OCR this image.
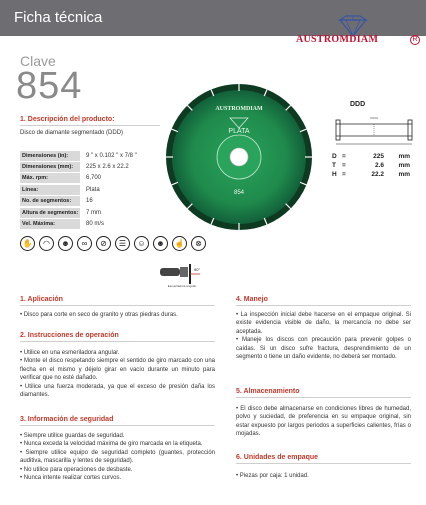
Ficha técnica
AUSTROMDIAM	R
Clave
854
1. Descripción del producto:
Disco de diamante segmentado (DDD)
Dimensiones (in):	9 " x 0.102 " x 7/8 "
Dimensiones (mm):	225 x 2.6 x 22.2
Máx. rpm:	6,700
Línea:	Plata
No. de segmentos:	16
Altura de segmentos:	7 mm
Vel. Máxima:	80 m/s
✋	◠	☻	∞	⊘	☰	☺	☻	☝	⊗
90°
Esmeriladora angular
AUSTROMDIAM
PLATA
854
DDD
D =	225	mm
T =	2.6	mm
H =	22.2	mm
1. Aplicación

• Disco para corte en seco de granito y otras piedras duras.

2. Instrucciones de operación

• Utilice en una esmeriladora angular.

• Monte el disco respetando siempre el sentido de giro marcado con una flecha en el mismo y déjelo girar en vacío durante un minuto para verificar que no esté dañado.

• Utilice una fuerza moderada, ya que el exceso de presión daña los diamantes.

3. Información de seguridad

• Siempre utilice guardas de seguridad.

• Nunca exceda la velocidad máxima de giro marcada en la etiqueta.

• Siempre utilice equipo de seguridad completo (guantes, protección auditiva, mascarilla y lentes de seguridad).

• No utilice para operaciones de desbaste.

• Nunca intente realizar cortes curvos.

4. Manejo

• La inspección inicial debe hacerse en el empaque original. Si existe evidencia visible de daño, la mercancía no debe ser aceptada.

• Maneje los discos con precaución para prevenir golpes o caídas. Si un disco sufre fractura, desprendimiento de un segmento o tiene un daño evidente, no deberá ser montado.

5. Almacenamiento

• El disco debe almacenarse en condiciones libres de humedad, polvo y suciedad, de preferencia en su empaque original, sin estar expuesto por largos periodos a superficies calientes, frías o mojadas.

6. Unidades de empaque

• Piezas por caja: 1 unidad.
